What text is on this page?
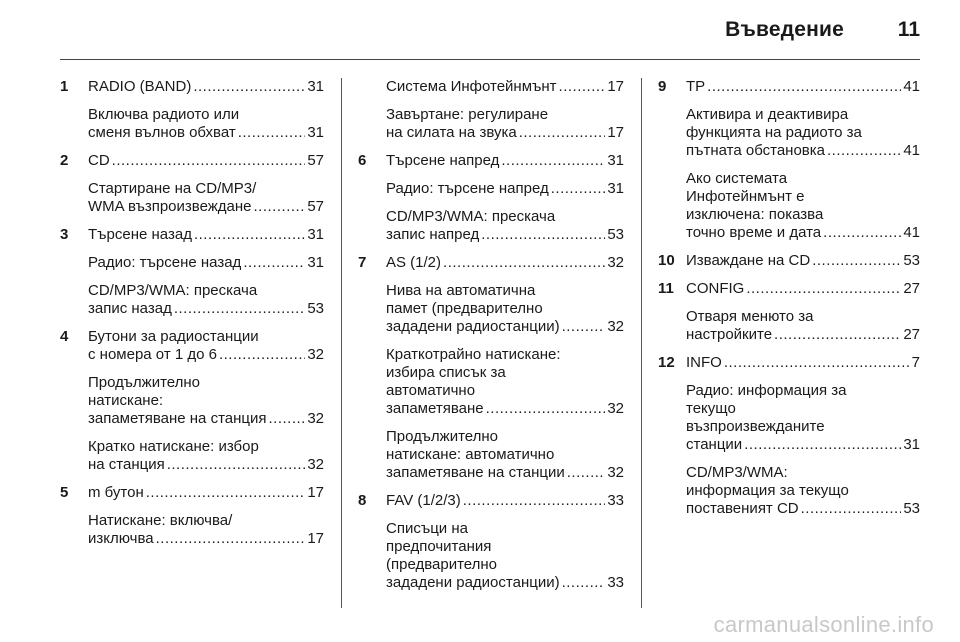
Въведение	11
1	RADIO (BAND) .....	31
Включва радиото или
сменя вълнов обхват .....	31
2	CD .....	57
Стартиране на CD/MP3/
WMA възпроизвеждане .....	57
3	Търсене назад .....	31
Радио: търсене назад .....	31
CD/MP3/WMA: прескача
запис назад .....	53
4	Бутони за радиостанции
с номера от 1 до 6 .....	32
Продължително
натискане:
запаметяване на станция .....	32
Кратко натискане: избор
на станция .....	32
5	m бутон .....	17
Натискане: включва/
изключва .....	17
Система Инфотейнмънт .....	17
Завъртане: регулиране
на силата на звука .....	17
6	Търсене напред .....	31
Радио: търсене напред .....	31
CD/MP3/WMA: прескача
запис напред .....	53
7	AS (1/2) .....	32
Нива на автоматична
памет (предварително
зададени радиостанции) .....	32
Краткотрайно натискане:
избира списък за
автоматично
запаметяване .....	32
Продължително
натискане: автоматично
запаметяване на станции .....	32
8	FAV (1/2/3) .....	33
Списъци на
предпочитания
(предварително
зададени радиостанции) .....	33
9	TP .....	41
Активира и деактивира
функцията на радиото за
пътната обстановка .....	41
Ако системата
Инфотейнмънт е
изключена: показва
точно време и дата .....	41
10 Изваждане на CD .....	53
11 CONFIG .....	27
Отваря менюто за
настройките .....	27
12 INFO .....	7
Радио: информация за
текущо
възпроизвежданите
станции .....	31
CD/MP3/WMA:
информация за текущо
поставеният CD .....	53
carmanualsonline.info
